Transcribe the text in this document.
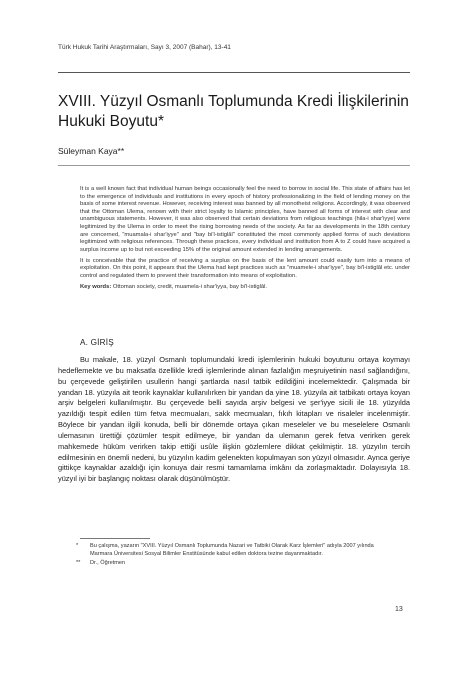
Türk Hukuk Tarihi Araştırmaları, Sayı 3, 2007 (Bahar), 13-41
XVIII. Yüzyıl Osmanlı Toplumunda Kredi İlişkilerinin Hukuki Boyutu*
Süleyman Kaya**

It is a well known fact that individual human beings occasionally feel the need to borrow in social life. This state of affairs has let to the emergence of individuals and institutions in every epoch of history professionalizing in the field of lending money on the basis of some interest revenue. However, receiving interest was banned by all monotheist religions. Accordingly, it was observed that the Ottoman Ulema, renown with their strict loyalty to Islamic principles, have banned all forms of interest with clear and unambiguous statements. However, it was also observed that certain deviations from religious teachings (hila-i shar'iyye) were legitimized by the Ulema in order to meet the rising borrowing needs of the society. As far as developments in the 18th century are concerned, "muamala-i shar'iyye" and "bay bi'l-istiglâl" constituted the most commonly applied forms of such deviations legitimized with religious references. Through these practices, every individual and institution from A to Z could have acquired a surplus income up to but not exceeding 15% of the original amount extended in lending arrangements.

It is conceivable that the practice of receiving a surplus on the basis of the lent amount could easily turn into a means of exploitation. On this point, it appears that the Ulema had kept practices such as "muamele-i shar'iyye", bay bi'l-istiglâl etc. under control and regulated them to prevent their transformation into means of exploitation.

Key words: Ottoman society, credit, muamela-i shar'iyya, bay bi'l-istiglâl.

A. GİRİŞ

Bu makale, 18. yüzyıl Osmanlı toplumundaki kredi işlemlerinin hukuki boyutunu ortaya koymayı hedeflemekte ve bu maksatla özellikle kredi işlemlerinde alınan fazlalığın meşruiyetinin nasıl sağlandığını, bu çerçevede geliştirilen usullerin hangi şartlarda nasıl tatbik edildiğini incelemektedir. Çalışmada bir yandan 18. yüzyıla ait teorik kaynaklar kullanılırken bir yandan da yine 18. yüzyıla ait tatbikatı ortaya koyan arşiv belgeleri kullanılmıştır. Bu çerçevede belli sayıda arşiv belgesi ve şer'iyye sicili ile 18. yüzyılda yazıldığı tespit edilen tüm fetva mecmuaları, sakk mecmuaları, fıkıh kitapları ve risaleler incelenmiştir. Böylece bir yandan ilgili konuda, belli bir dönemde ortaya çıkan meseleler ve bu meselelere Osmanlı ulemasının ürettiği çözümler tespit edilmeye, bir yandan da ulemanın gerek fetva verirken gerek mahkemede hüküm verirken takip ettiği usûle ilişkin gözlemlere dikkat çekilmiştir. 18. yüzyılın tercih edilmesinin en önemli nedeni, bu yüzyılın kadim gelenekten kopulmayan son yüzyıl olmasıdır. Aynca geriye gittikçe kaynaklar azaldığı için konuya dair resmi tamamlama imkânı da zorlaşmaktadır. Dolayısıyla 18. yüzyıl iyi bir başlangıç noktası olarak düşünülmüştür.

*	Bu çalışma, yazarın "XVIII. Yüzyıl Osmanlı Toplumunda Nazari ve Tatbiki Olarak Karz İşlemleri" adıyla 2007 yılında Marmara Üniversitesi Sosyal Bilimler Enstitüsünde kabul edilen doktora tezine dayanmaktadır.
**	Dr., Öğretmen
13
